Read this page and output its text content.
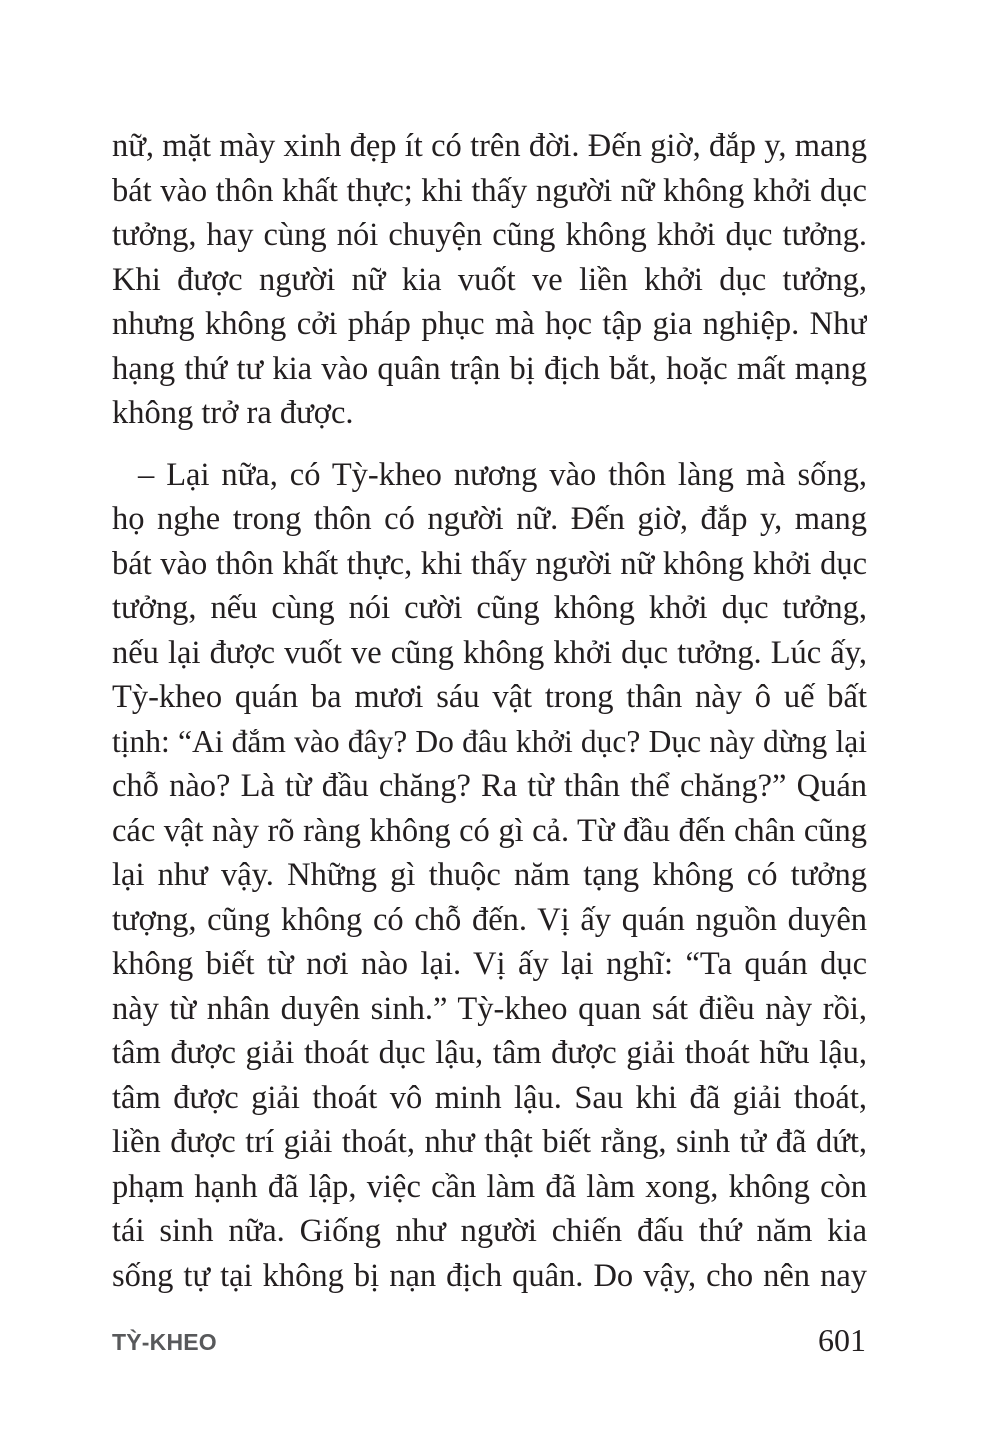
nữ, mặt mày xinh đẹp ít có trên đời. Đến giờ, đắp y, mang
bát vào thôn khất thực; khi thấy người nữ không khởi dục
tưởng, hay cùng nói chuyện cũng không khởi dục tưởng.
Khi được người nữ kia vuốt ve liền khởi dục tưởng,
nhưng không cởi pháp phục mà học tập gia nghiệp. Như
hạng thứ tư kia vào quân trận bị địch bắt, hoặc mất mạng
không trở ra được.
– Lại nữa, có Tỳ-kheo nương vào thôn làng mà sống,
họ nghe trong thôn có người nữ. Đến giờ, đắp y, mang
bát vào thôn khất thực, khi thấy người nữ không khởi dục
tưởng, nếu cùng nói cười cũng không khởi dục tưởng,
nếu lại được vuốt ve cũng không khởi dục tưởng. Lúc ấy,
Tỳ-kheo quán ba mươi sáu vật trong thân này ô uế bất
tịnh: “Ai đắm vào đây? Do đâu khởi dục? Dục này dừng lại
chỗ nào? Là từ đầu chăng? Ra từ thân thể chăng?” Quán
các vật này rõ ràng không có gì cả. Từ đầu đến chân cũng
lại như vậy. Những gì thuộc năm tạng không có tưởng
tượng, cũng không có chỗ đến. Vị ấy quán nguồn duyên
không biết từ nơi nào lại. Vị ấy lại nghĩ: “Ta quán dục
này từ nhân duyên sinh.” Tỳ-kheo quan sát điều này rồi,
tâm được giải thoát dục lậu, tâm được giải thoát hữu lậu,
tâm được giải thoát vô minh lậu. Sau khi đã giải thoát,
liền được trí giải thoát, như thật biết rằng, sinh tử đã dứt,
phạm hạnh đã lập, việc cần làm đã làm xong, không còn
tái sinh nữa. Giống như người chiến đấu thứ năm kia
sống tự tại không bị nạn địch quân. Do vậy, cho nên nay
TỲ-KHEO	601
